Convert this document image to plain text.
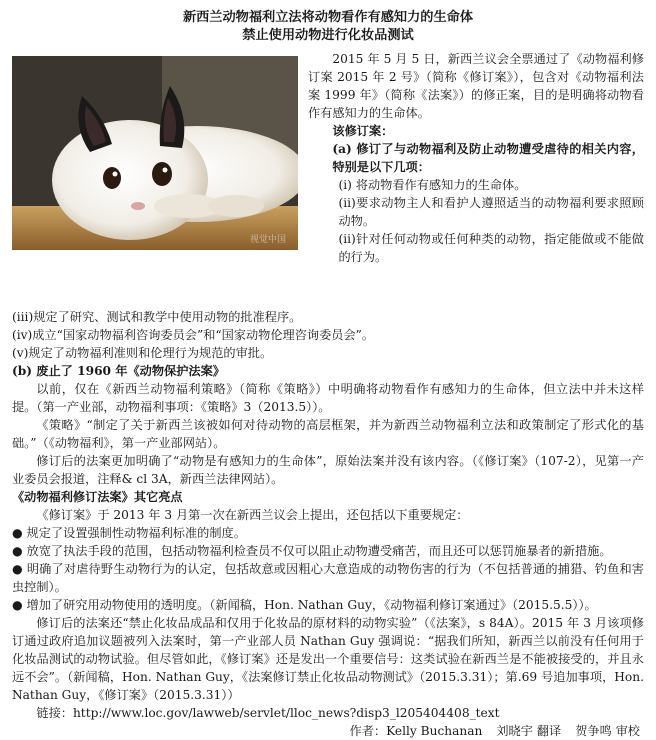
新西兰动物福利立法将动物看作有感知力的生命体
禁止使用动物进行化妆品测试
视觉中国

2015 年 5 月 5 日，新西兰议会全票通过了《动物福利修订案 2015 年 2 号》（简称《修订案》），包含对《动物福利法案 1999 年》（简称《法案》）的修正案，目的是明确将动物看作有感知力的生命体。

该修订案：

(a) 修订了与动物福利及防止动物遭受虐待的相关内容，特别是以下几项：

(i) 将动物看作有感知力的生命体。

(ii)要求动物主人和看护人遵照适当的动物福利要求照顾动物。

(ii)针对任何动物或任何种类的动物，指定能做或不能做的行为。

(iii)规定了研究、测试和教学中使用动物的批准程序。

(iv)成立“国家动物福利咨询委员会”和“国家动物伦理咨询委员会”。

(v)规定了动物福利准则和伦理行为规范的审批。

(b) 废止了 1960 年《动物保护法案》

以前，仅在《新西兰动物福利策略》（简称《策略》）中明确将动物看作有感知力的生命体，但立法中并未这样提。（第一产业部，动物福利事项：《策略》3（2013.5））。

《策略》“制定了关于新西兰该被如何对待动物的高层框架，并为新西兰动物福利立法和政策制定了形式化的基础。”（《动物福利》，第一产业部网站）。

修订后的法案更加明确了“动物是有感知力的生命体”，原始法案并没有该内容。（《修订案》（107-2），见第一产业委员会报道，注释& cl 3A，新西兰法律网站）。

《动物福利修订法案》其它亮点

《修订案》于 2013 年 3 月第一次在新西兰议会上提出，还包括以下重要规定：

● 规定了设置强制性动物福利标准的制度。

● 放宽了执法手段的范围，包括动物福利检查员不仅可以阻止动物遭受痛苦，而且还可以惩罚施暴者的新措施。

● 明确了对虐待野生动物行为的认定，包括故意或因粗心大意造成的动物伤害的行为（不包括普通的捕猎、钓鱼和害虫控制）。

● 增加了研究用动物使用的透明度。（新闻稿，Hon. Nathan Guy，《动物福利修订案通过》（2015.5.5））。

修订后的法案还“禁止化妆品成品和仅用于化妆品的原材料的动物实验”（《法案》，s 84A）。2015 年 3 月该项修订通过政府追加议题被列入法案时，第一产业部人员 Nathan Guy 强调说：“据我们所知，新西兰以前没有任何用于化妆品测试的动物试验。但尽管如此，《修订案》还是发出一个重要信号：这类试验在新西兰是不能被接受的，并且永远不会”。（新闻稿，Hon. Nathan Guy，《法案修订禁止化妆品动物测试》（2015.3.31）；第.69 号追加事项，Hon. Nathan Guy，《修订案》（2015.3.31））

链接：http://www.loc.gov/lawweb/servlet/lloc_news?disp3_l205404408_text

作者：Kelly Buchanan 刘晓宇 翻译 贺争鸣 审校
